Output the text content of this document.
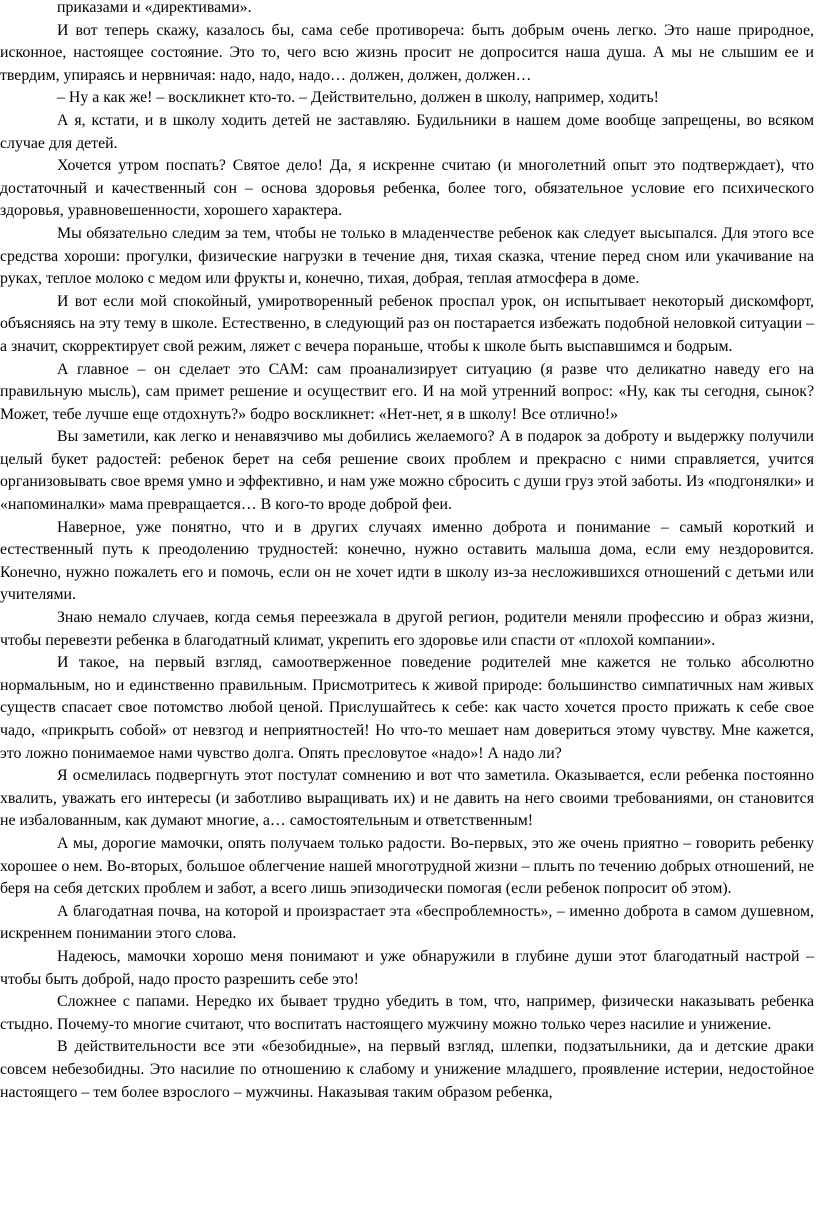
приказами и «директивами».

И вот теперь скажу, казалось бы, сама себе противореча: быть добрым очень легко. Это наше природное, исконное, настоящее состояние. Это то, чего всю жизнь просит не допросится наша душа. А мы не слышим ее и твердим, упираясь и нервничая: надо, надо, надо… должен, должен, должен…

– Ну а как же! – воскликнет кто-то. – Действительно, должен в школу, например, ходить!

А я, кстати, и в школу ходить детей не заставляю. Будильники в нашем доме вообще запрещены, во всяком случае для детей.

Хочется утром поспать? Святое дело! Да, я искренне считаю (и многолетний опыт это подтверждает), что достаточный и качественный сон – основа здоровья ребенка, более того, обязательное условие его психического здоровья, уравновешенности, хорошего характера.

Мы обязательно следим за тем, чтобы не только в младенчестве ребенок как следует высыпался. Для этого все средства хороши: прогулки, физические нагрузки в течение дня, тихая сказка, чтение перед сном или укачивание на руках, теплое молоко с медом или фрукты и, конечно, тихая, добрая, теплая атмосфера в доме.

И вот если мой спокойный, умиротворенный ребенок проспал урок, он испытывает некоторый дискомфорт, объясняясь на эту тему в школе. Естественно, в следующий раз он постарается избежать подобной неловкой ситуации – а значит, скорректирует свой режим, ляжет с вечера пораньше, чтобы к школе быть выспавшимся и бодрым.

А главное – он сделает это САМ: сам проанализирует ситуацию (я разве что деликатно наведу его на правильную мысль), сам примет решение и осуществит его. И на мой утренний вопрос: «Ну, как ты сегодня, сынок? Может, тебе лучше еще отдохнуть?» бодро воскликнет: «Нет-нет, я в школу! Все отлично!»

Вы заметили, как легко и ненавязчиво мы добились желаемого? А в подарок за доброту и выдержку получили целый букет радостей: ребенок берет на себя решение своих проблем и прекрасно с ними справляется, учится организовывать свое время умно и эффективно, и нам уже можно сбросить с души груз этой заботы. Из «подгонялки» и «напоминалки» мама превращается… В кого-то вроде доброй феи.

Наверное, уже понятно, что и в других случаях именно доброта и понимание – самый короткий и естественный путь к преодолению трудностей: конечно, нужно оставить малыша дома, если ему нездоровится. Конечно, нужно пожалеть его и помочь, если он не хочет идти в школу из-за несложившихся отношений с детьми или учителями.

Знаю немало случаев, когда семья переезжала в другой регион, родители меняли профессию и образ жизни, чтобы перевезти ребенка в благодатный климат, укрепить его здоровье или спасти от «плохой компании».

И такое, на первый взгляд, самоотверженное поведение родителей мне кажется не только абсолютно нормальным, но и единственно правильным. Присмотритесь к живой природе: большинство симпатичных нам живых существ спасает свое потомство любой ценой. Прислушайтесь к себе: как часто хочется просто прижать к себе свое чадо, «прикрыть собой» от невзгод и неприятностей! Но что-то мешает нам довериться этому чувству. Мне кажется, это ложно понимаемое нами чувство долга. Опять пресловутое «надо»! А надо ли?

Я осмелилась подвергнуть этот постулат сомнению и вот что заметила. Оказывается, если ребенка постоянно хвалить, уважать его интересы (и заботливо выращивать их) и не давить на него своими требованиями, он становится не избалованным, как думают многие, а… самостоятельным и ответственным!

А мы, дорогие мамочки, опять получаем только радости. Во-первых, это же очень приятно – говорить ребенку хорошее о нем. Во-вторых, большое облегчение нашей многотрудной жизни – плыть по течению добрых отношений, не беря на себя детских проблем и забот, а всего лишь эпизодически помогая (если ребенок попросит об этом).

А благодатная почва, на которой и произрастает эта «беспроблемность», – именно доброта в самом душевном, искреннем понимании этого слова.

Надеюсь, мамочки хорошо меня понимают и уже обнаружили в глубине души этот благодатный настрой – чтобы быть доброй, надо просто разрешить себе это!

Сложнее с папами. Нередко их бывает трудно убедить в том, что, например, физически наказывать ребенка стыдно. Почему-то многие считают, что воспитать настоящего мужчину можно только через насилие и унижение.

В действительности все эти «безобидные», на первый взгляд, шлепки, подзатыльники, да и детские драки совсем небезобидны. Это насилие по отношению к слабому и унижение младшего, проявление истерии, недостойное настоящего – тем более взрослого – мужчины. Наказывая таким образом ребенка,
